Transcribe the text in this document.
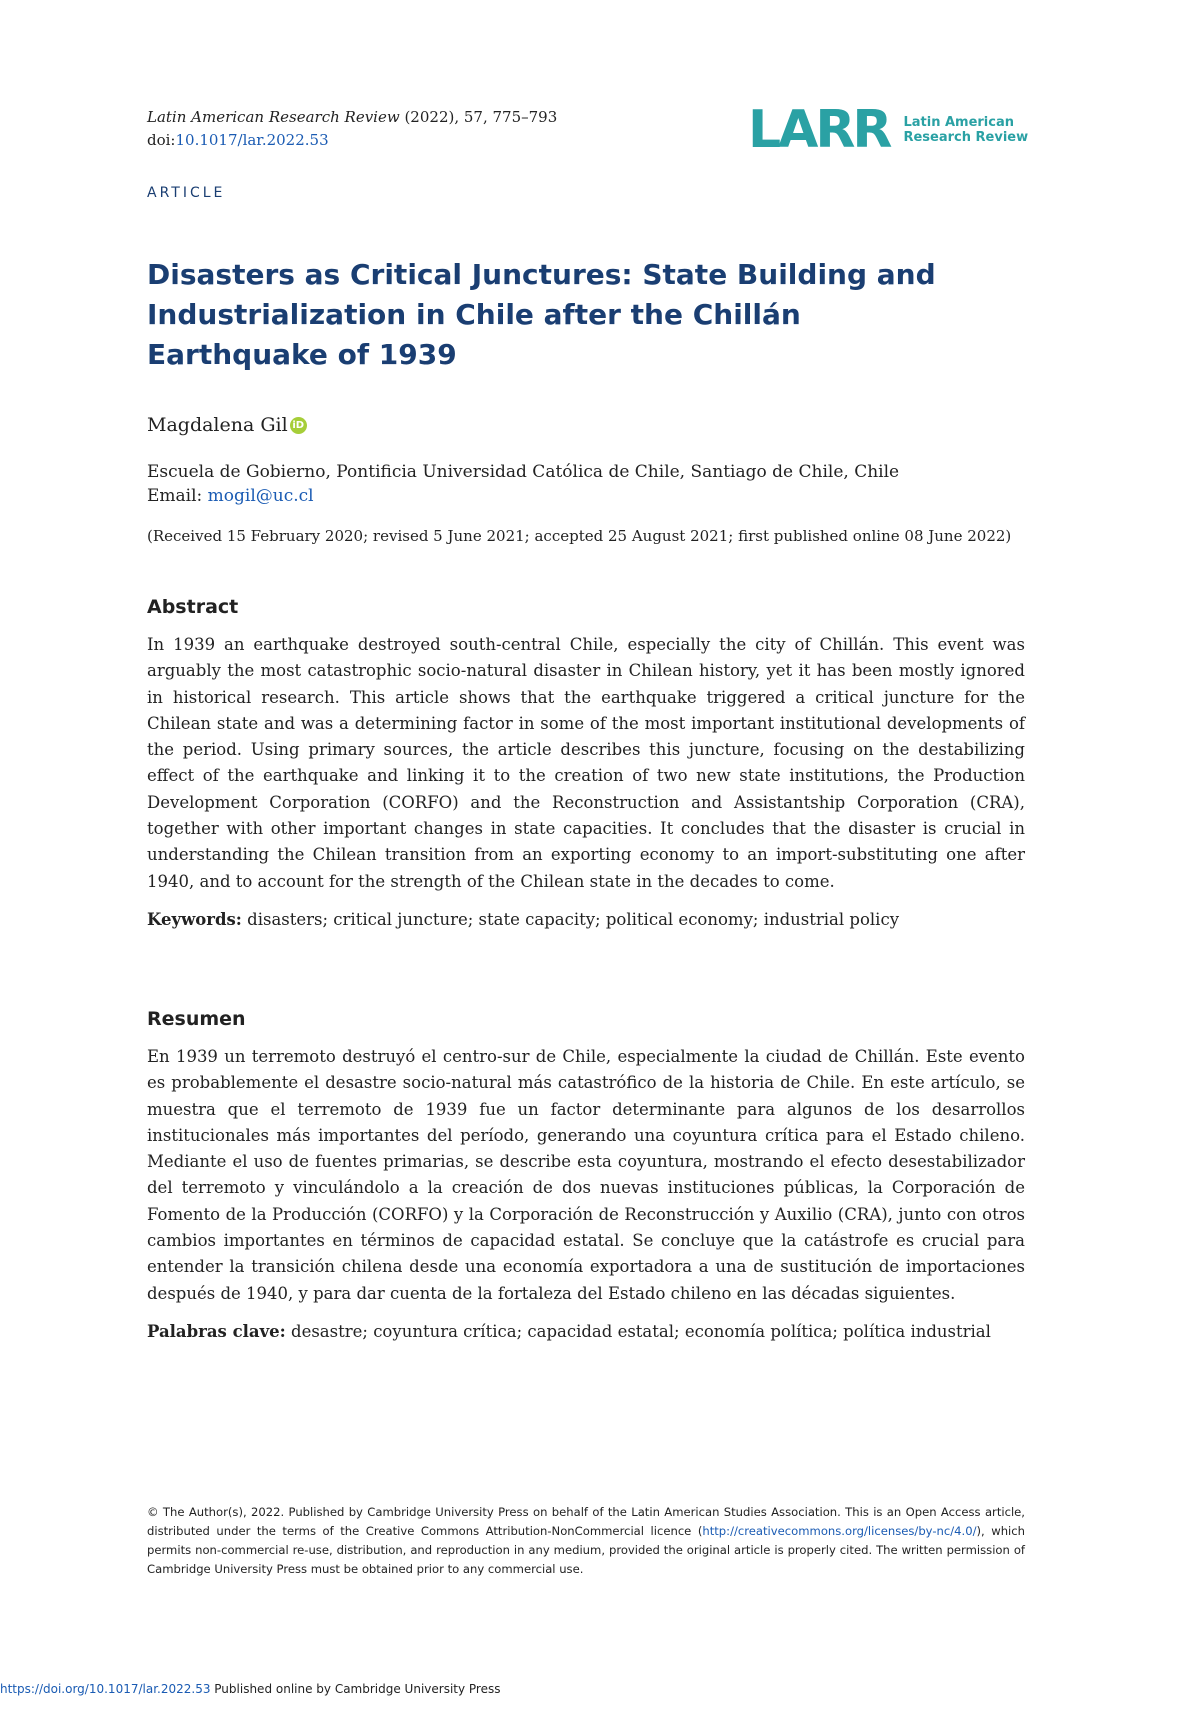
Latin American Research Review (2022), 57, 775–793
doi:10.1017/lar.2022.53	LARR Latin American
Research Review
ARTICLE
Disasters as Critical Junctures: State Building and
Industrialization in Chile after the Chillán
Earthquake of 1939
Magdalena Gil iD
Escuela de Gobierno, Pontificia Universidad Católica de Chile, Santiago de Chile, Chile
Email: mogil@uc.cl
(Received 15 February 2020; revised 5 June 2021; accepted 25 August 2021; first published online 08 June 2022)
Abstract

In 1939 an earthquake destroyed south-central Chile, especially the city of Chillán. This event was arguably the most catastrophic socio-natural disaster in Chilean history, yet it has been mostly ignored in historical research. This article shows that the earthquake triggered a critical juncture for the Chilean state and was a determining factor in some of the most important institutional developments of the period. Using primary sources, the article describes this juncture, focusing on the destabilizing effect of the earthquake and linking it to the creation of two new state institutions, the Production Development Corporation (CORFO) and the Reconstruction and Assistantship Corporation (CRA), together with other important changes in state capacities. It concludes that the disaster is crucial in understanding the Chilean transition from an exporting economy to an import-substituting one after 1940, and to account for the strength of the Chilean state in the decades to come.

Keywords: disasters; critical juncture; state capacity; political economy; industrial policy

Resumen

En 1939 un terremoto destruyó el centro-sur de Chile, especialmente la ciudad de Chillán. Este evento es probablemente el desastre socio-natural más catastrófico de la historia de Chile. En este artículo, se muestra que el terremoto de 1939 fue un factor determinante para algunos de los desarrollos institucionales más importantes del período, generando una coyuntura crítica para el Estado chileno. Mediante el uso de fuentes primarias, se describe esta coyuntura, mostrando el efecto desestabilizador del terremoto y vinculándolo a la creación de dos nuevas instituciones públicas, la Corporación de Fomento de la Producción (CORFO) y la Corporación de Reconstrucción y Auxilio (CRA), junto con otros cambios importantes en términos de capacidad estatal. Se concluye que la catástrofe es crucial para entender la transición chilena desde una economía exportadora a una de sustitución de importaciones después de 1940, y para dar cuenta de la fortaleza del Estado chileno en las décadas siguientes.

Palabras clave: desastre; coyuntura crítica; capacidad estatal; economía política; política industrial

© The Author(s), 2022. Published by Cambridge University Press on behalf of the Latin American Studies Association. This is an Open Access article, distributed under the terms of the Creative Commons Attribution-NonCommercial licence (http://creativecommons.org/licenses/by-nc/4.0/), which permits non-commercial re-use, distribution, and reproduction in any medium, provided the original article is properly cited. The written permission of Cambridge University Press must be obtained prior to any commercial use.
https://doi.org/10.1017/lar.2022.53 Published online by Cambridge University Press
